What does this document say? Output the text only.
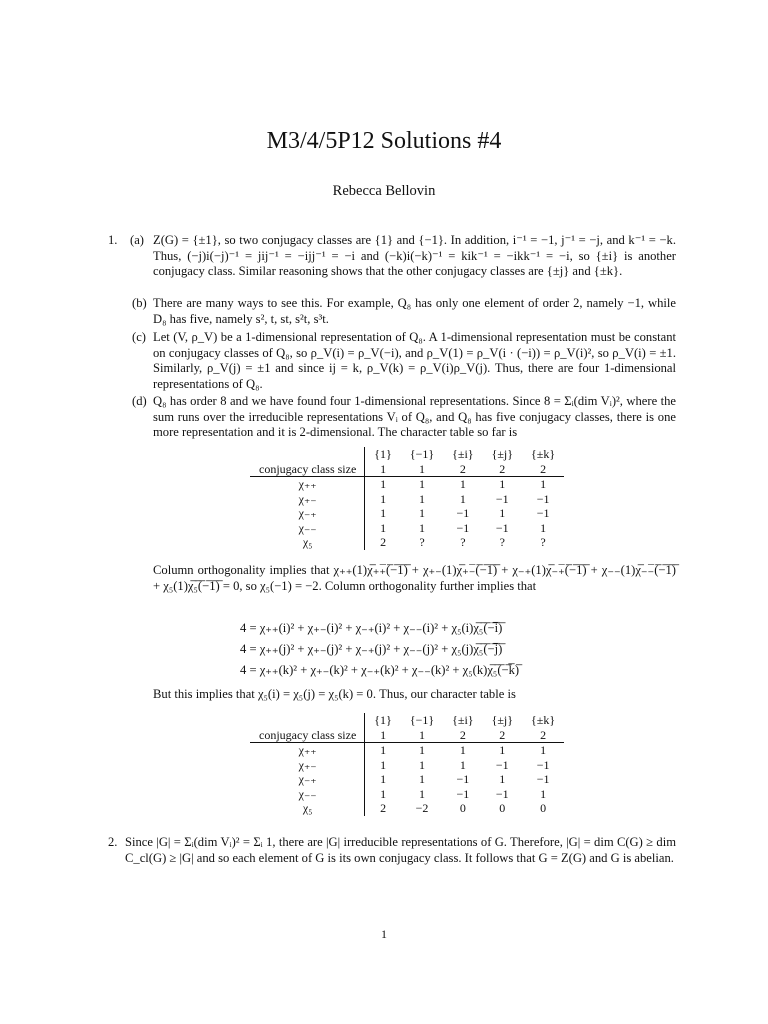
M3/4/5P12 Solutions #4
Rebecca Bellovin
1. (a) Z(G) = {±1}, so two conjugacy classes are {1} and {−1}. In addition, i⁻¹ = −1, j⁻¹ = −j, and k⁻¹ = −k. Thus, (−j)i(−j)⁻¹ = jij⁻¹ = −ijj⁻¹ = −i and (−k)i(−k)⁻¹ = kik⁻¹ = −ikk⁻¹ = −i, so {±i} is another conjugacy class. Similar reasoning shows that the other conjugacy classes are {±j} and {±k}.

(b) There are many ways to see this. For example, Q₈ has only one element of order 2, namely −1, while D₈ has five, namely s², t, st, s²t, s³t.

(c) Let (V, ρ_V) be a 1-dimensional representation of Q₈. A 1-dimensional representation must be constant on conjugacy classes of Q₈, so ρ_V(i) = ρ_V(−i), and ρ_V(1) = ρ_V(i · (−i)) = ρ_V(i)², so ρ_V(i) = ±1. Similarly, ρ_V(j) = ±1 and since ij = k, ρ_V(k) = ρ_V(i)ρ_V(j). Thus, there are four 1-dimensional representations of Q₈.

(d) Q₈ has order 8 and we have found four 1-dimensional representations. Since 8 = Σᵢ(dim Vᵢ)², where the sum runs over the irreducible representations Vᵢ of Q₈, and Q₈ has five conjugacy classes, there is one more representation and it is 2-dimensional. The character table so far is

	{1}	{−1}	{±i}	{±j}	{±k}
conjugacy class size	1	1	2	2	2
χ₊₊	1	1	1	1	1
χ₊₋	1	1	1	−1	−1
χ₋₊	1	1	−1	1	−1
χ₋₋	1	1	−1	−1	1
χ₅	2	?	?	?	?

Column orthogonality implies that χ₊₊(1)χ̅₊₊̅(̅−̅1̅)̅ + χ₊₋(1)χ̅₊₋̅(̅−̅1̅)̅ + χ₋₊(1)χ̅₋₊̅(̅−̅1̅)̅ + χ₋₋(1)χ̅₋₋̅(̅−̅1̅)̅ + χ₅(1)χ̅₅̅(̅−̅1̅)̅ = 0, so χ₅(−1) = −2. Column orthogonality further implies that

4 = χ₊₊(i)² + χ₊₋(i)² + χ₋₊(i)² + χ₋₋(i)² + χ₅(i)χ̅₅̅(̅−̅i̅)̅
4 = χ₊₊(j)² + χ₊₋(j)² + χ₋₊(j)² + χ₋₋(j)² + χ₅(j)χ̅₅̅(̅−̅j̅)̅
4 = χ₊₊(k)² + χ₊₋(k)² + χ₋₊(k)² + χ₋₋(k)² + χ₅(k)χ̅₅̅(̅−̅k̅)̅

But this implies that χ₅(i) = χ₅(j) = χ₅(k) = 0. Thus, our character table is

	{1}	{−1}	{±i}	{±j}	{±k}
conjugacy class size	1	1	2	2	2
χ₊₊	1	1	1	1	1
χ₊₋	1	1	1	−1	−1
χ₋₊	1	1	−1	1	−1
χ₋₋	1	1	−1	−1	1
χ₅	2	−2	0	0	0
2. Since |G| = Σᵢ(dim Vᵢ)² = Σᵢ 1, there are |G| irreducible representations of G. Therefore, |G| = dim C(G) ≥ dim C_cl(G) ≥ |G| and so each element of G is its own conjugacy class. It follows that G = Z(G) and G is abelian.

1
